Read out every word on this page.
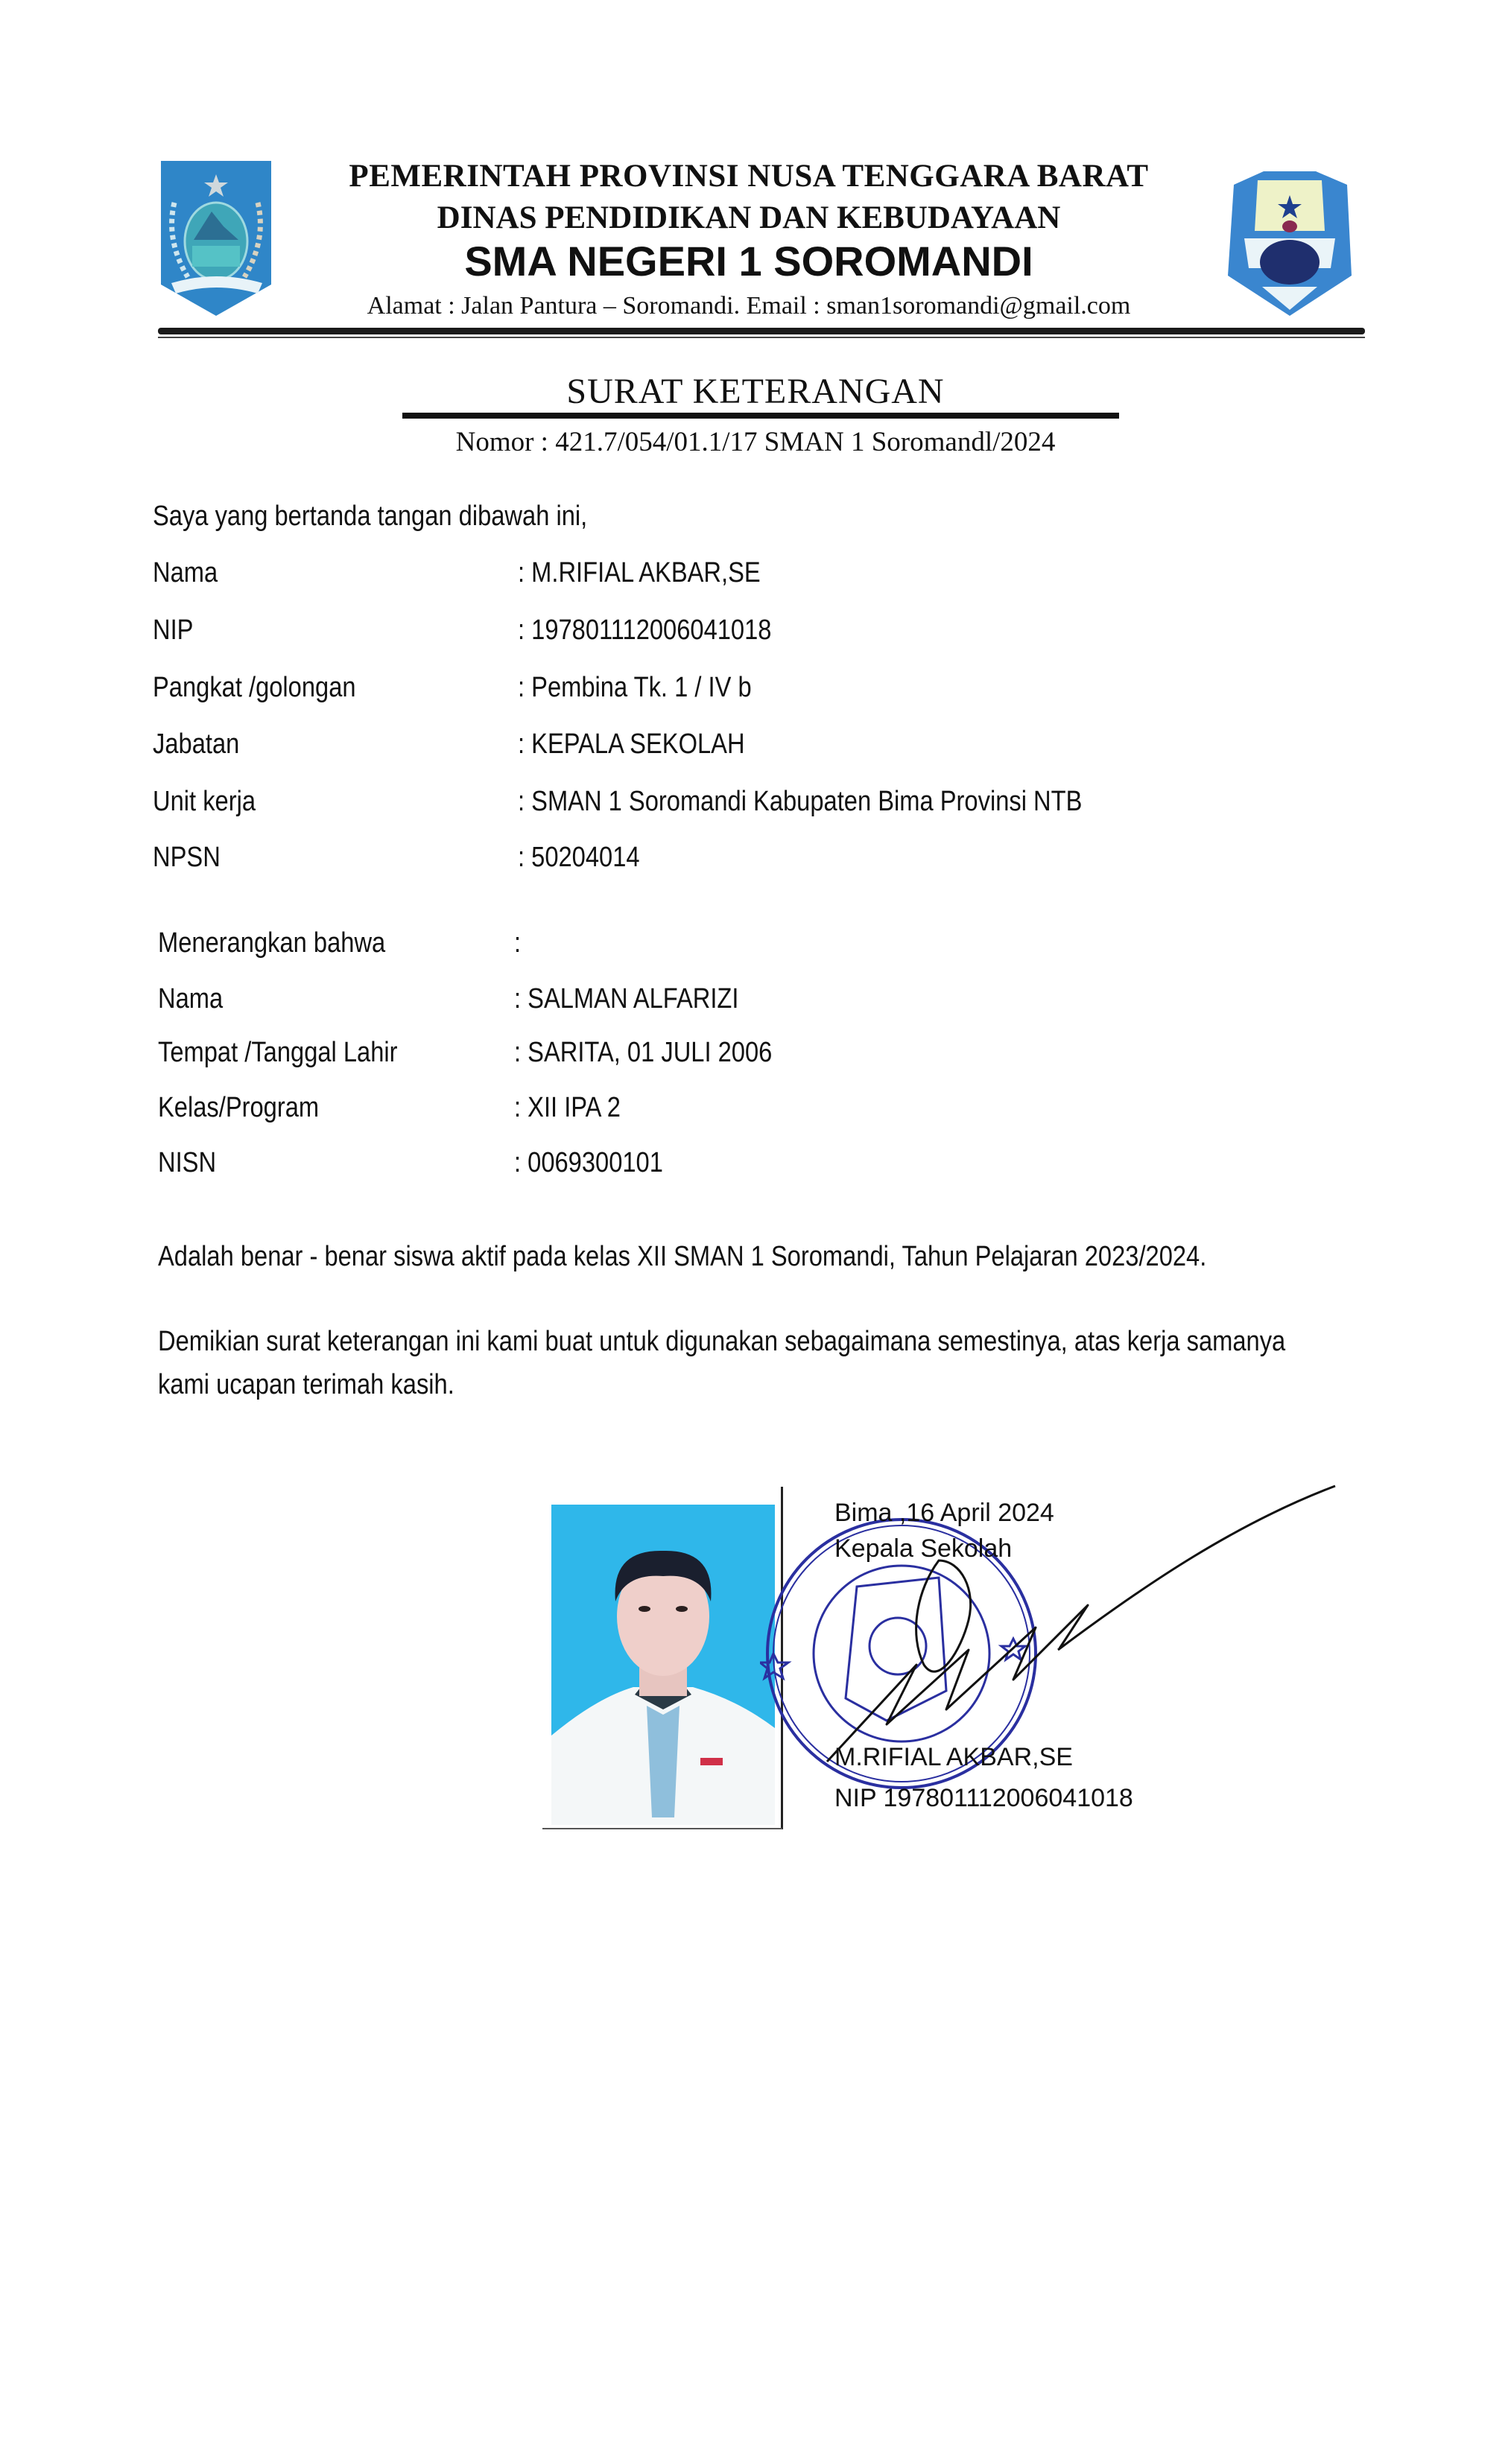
PEMERINTAH PROVINSI NUSA TENGGARA BARAT
DINAS PENDIDIKAN DAN KEBUDAYAAN
SMA NEGERI 1 SOROMANDI
Alamat : Jalan Pantura – Soromandi. Email : sman1soromandi@gmail.com
SURAT KETERANGAN
Nomor : 421.7/054/01.1/17 SMAN 1 Soromandl/2024
Saya yang bertanda tangan dibawah ini,
Nama	: M.RIFIAL AKBAR,SE
NIP	: 197801112006041018
Pangkat /golongan	: Pembina Tk. 1 / IV b
Jabatan	: KEPALA SEKOLAH
Unit kerja	: SMAN 1 Soromandi Kabupaten Bima Provinsi NTB
NPSN	: 50204014
Menerangkan bahwa	:
Nama	: SALMAN ALFARIZI
Tempat /Tanggal Lahir	: SARITA, 01 JULI 2006
Kelas/Program	: XII IPA 2
NISN	: 0069300101
Adalah benar - benar siswa aktif pada kelas XII SMAN 1 Soromandi, Tahun Pelajaran 2023/2024.
Demikian surat keterangan ini kami buat untuk digunakan sebagaimana semestinya, atas kerja samanya
kami ucapan terimah kasih.
Bima ,16 April 2024
Kepala Sekolah
M.RIFIAL AKBAR,SE
NIP 197801112006041018
